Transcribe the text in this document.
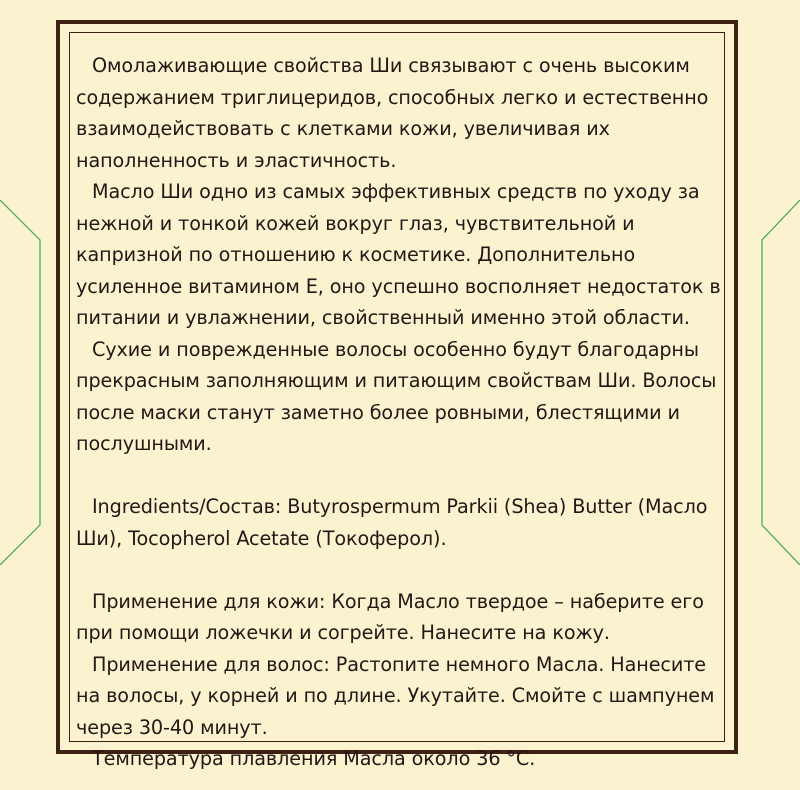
Омолаживающие свойства Ши связывают с очень высоким содержанием триглицеридов, способных легко и естественно взаимодействовать с клетками кожи, увеличивая их наполненность и эластичность.

Масло Ши одно из самых эффективных средств по уходу за нежной и тонкой кожей вокруг глаз, чувствительной и капризной по отношению к косметике. Дополнительно усиленное витамином Е, оно успешно восполняет недостаток в питании и увлажнении, свойственный именно этой области.

Сухие и поврежденные волосы особенно будут благодарны прекрасным заполняющим и питающим свойствам Ши. Волосы после маски станут заметно более ровными, блестящими и послушными.

Ingredients/Состав: Butyrospermum Parkii (Shea) Butter (Масло Ши), Tocopherol Acetate (Токоферол).

Применение для кожи: Когда Масло твердое – наберите его при помощи ложечки и согрейте. Нанесите на кожу.

Применение для волос: Растопите немного Масла. Нанесите на волосы, у корней и по длине. Укутайте. Смойте с шампунем через 30-40 минут.

Температура плавления Масла около 36 °С.
